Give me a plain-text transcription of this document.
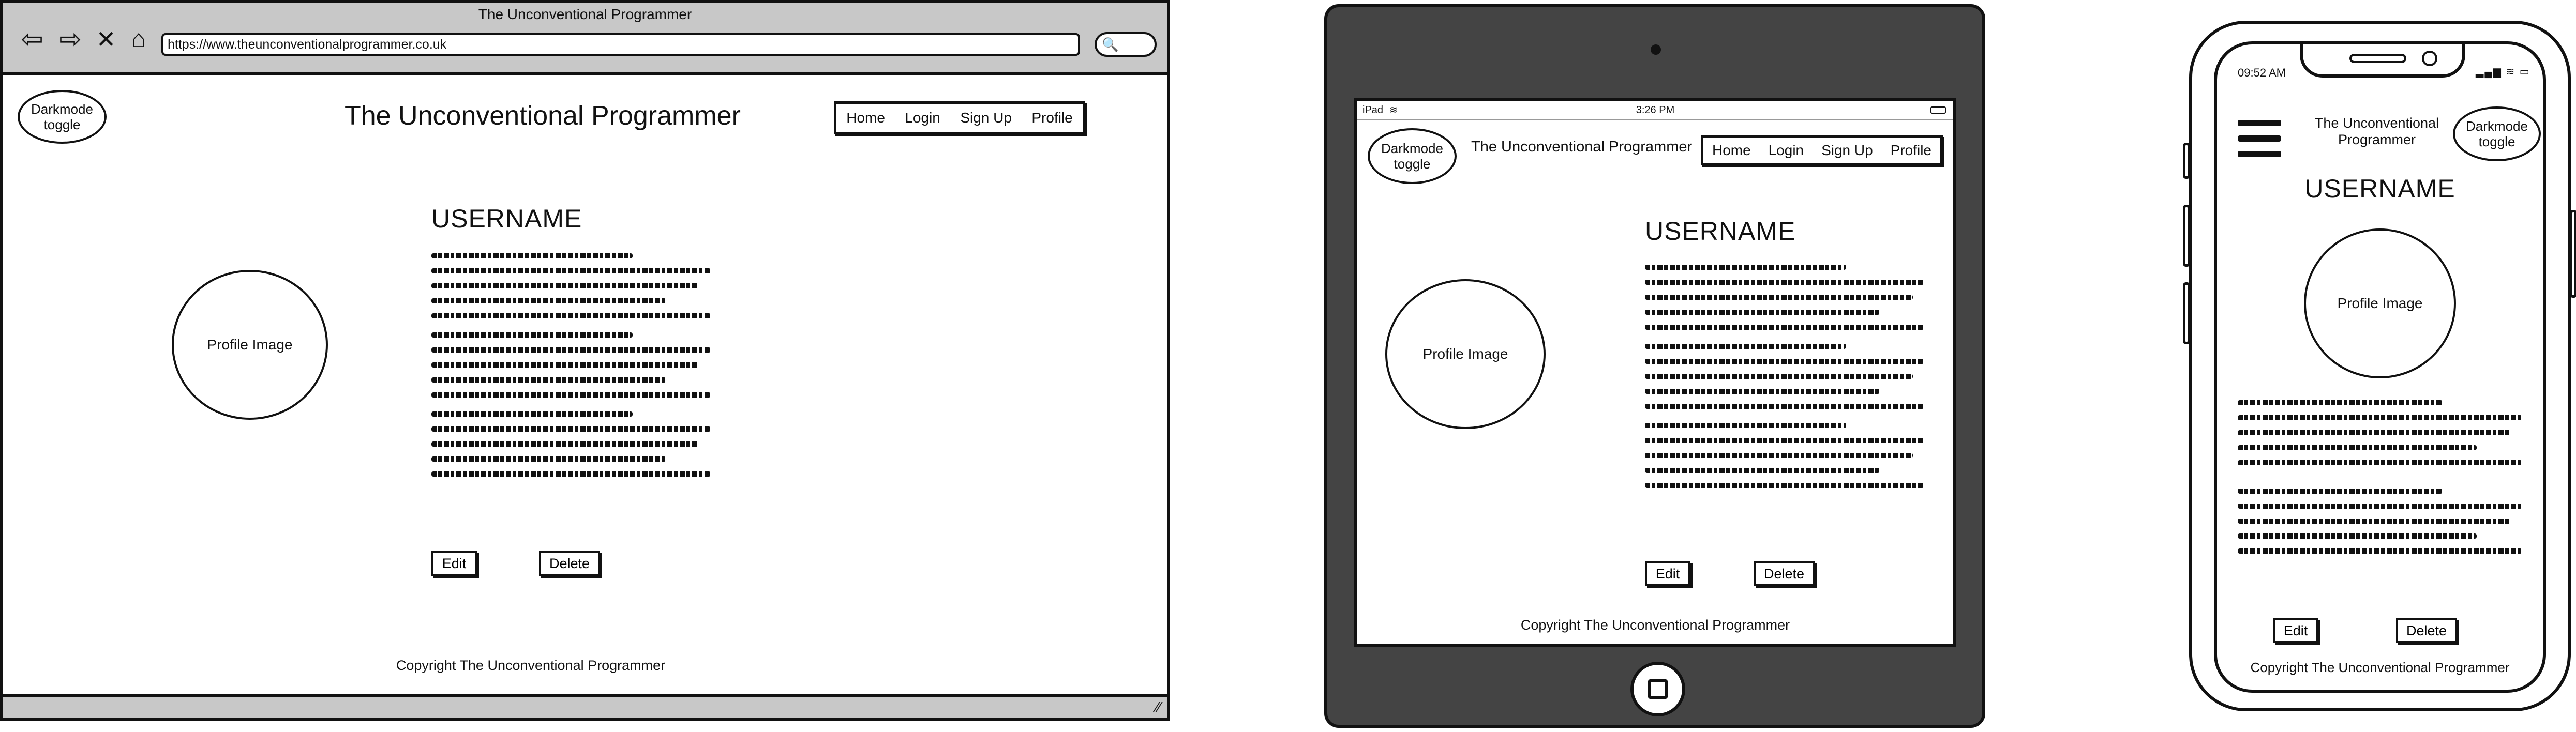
The Unconventional Programmer
⇦ ⇨ ✕ ⌂	https://www.theunconventionalprogrammer.co.uk	🔍
Darkmode toggle	The Unconventional Programmer	Home Login Sign Up Profile
Profile Image
USERNAME
Edit	Delete
Copyright The Unconventional Programmer
⁄⁄
iPad ≋	3:26 PM
Darkmode toggle
The Unconventional Programmer Home Login Sign Up Profile
Profile Image
USERNAME
Edit	Delete
Copyright The Unconventional Programmer
09:52 AM	▂▄▆ ≋ ▭
The Unconventional Programmer
Darkmode toggle
USERNAME
Profile Image
Edit	Delete
Copyright The Unconventional Programmer
